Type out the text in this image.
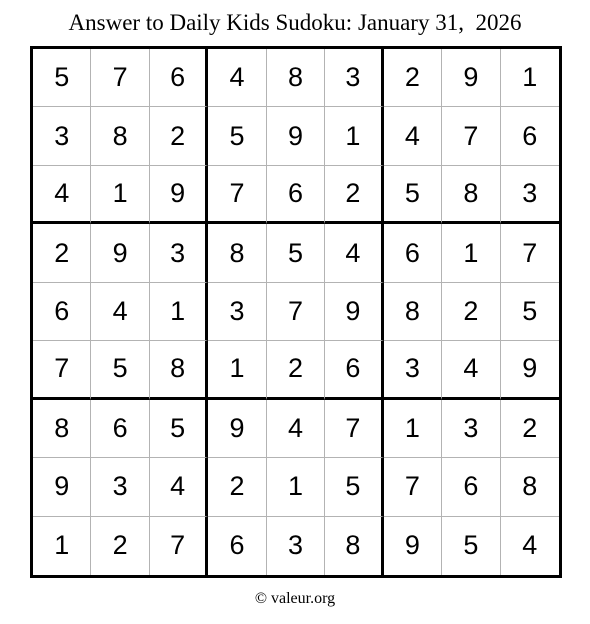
Answer to Daily Kids Sudoku: January 31,  2026
5	7	6	4	8	3	2	9	1
3	8	2	5	9	1	4	7	6
4	1	9	7	6	2	5	8	3
2	9	3	8	5	4	6	1	7
6	4	1	3	7	9	8	2	5
7	5	8	1	2	6	3	4	9
8	6	5	9	4	7	1	3	2
9	3	4	2	1	5	7	6	8
1	2	7	6	3	8	9	5	4
© valeur.org
